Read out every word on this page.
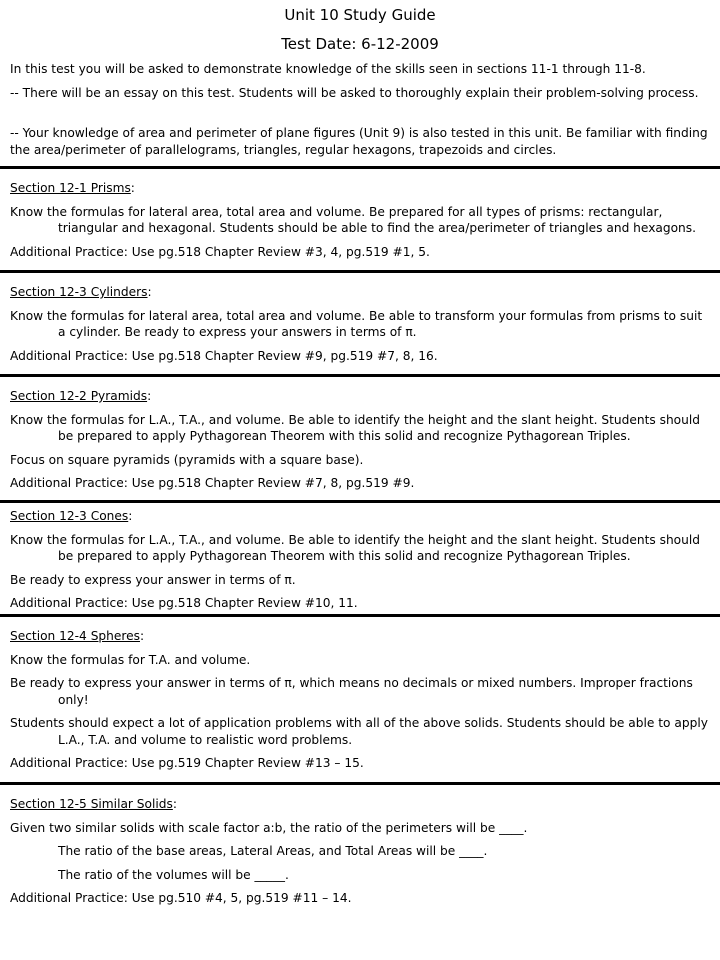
Unit 10 Study Guide
Test Date: 6-12-2009

In this test you will be asked to demonstrate knowledge of the skills seen in sections 11-1 through 11-8.

-- There will be an essay on this test. Students will be asked to thoroughly explain their problem-solving process.

-- Your knowledge of area and perimeter of plane figures (Unit 9) is also tested in this unit. Be familiar with finding the area/perimeter of parallelograms, triangles, regular hexagons, trapezoids and circles.

Section 12-1 Prisms:

Know the formulas for lateral area, total area and volume. Be prepared for all types of prisms: rectangular, triangular and hexagonal. Students should be able to find the area/perimeter of triangles and hexagons.

Additional Practice: Use pg.518 Chapter Review #3, 4, pg.519 #1, 5.

Section 12-3 Cylinders:

Know the formulas for lateral area, total area and volume. Be able to transform your formulas from prisms to suit a cylinder. Be ready to express your answers in terms of π.

Additional Practice: Use pg.518 Chapter Review #9, pg.519 #7, 8, 16.

Section 12-2 Pyramids:

Know the formulas for L.A., T.A., and volume. Be able to identify the height and the slant height. Students should be prepared to apply Pythagorean Theorem with this solid and recognize Pythagorean Triples.

Focus on square pyramids (pyramids with a square base).

Additional Practice: Use pg.518 Chapter Review #7, 8, pg.519 #9.

Section 12-3 Cones:

Know the formulas for L.A., T.A., and volume. Be able to identify the height and the slant height. Students should be prepared to apply Pythagorean Theorem with this solid and recognize Pythagorean Triples.

Be ready to express your answer in terms of π.

Additional Practice: Use pg.518 Chapter Review #10, 11.

Section 12-4 Spheres:

Know the formulas for T.A. and volume.

Be ready to express your answer in terms of π, which means no decimals or mixed numbers. Improper fractions only!

Students should expect a lot of application problems with all of the above solids. Students should be able to apply L.A., T.A. and volume to realistic word problems.

Additional Practice: Use pg.519 Chapter Review #13 – 15.

Section 12-5 Similar Solids:

Given two similar solids with scale factor a:b, the ratio of the perimeters will be ____.

The ratio of the base areas, Lateral Areas, and Total Areas will be ____.

The ratio of the volumes will be _____.

Additional Practice: Use pg.510 #4, 5, pg.519 #11 – 14.
